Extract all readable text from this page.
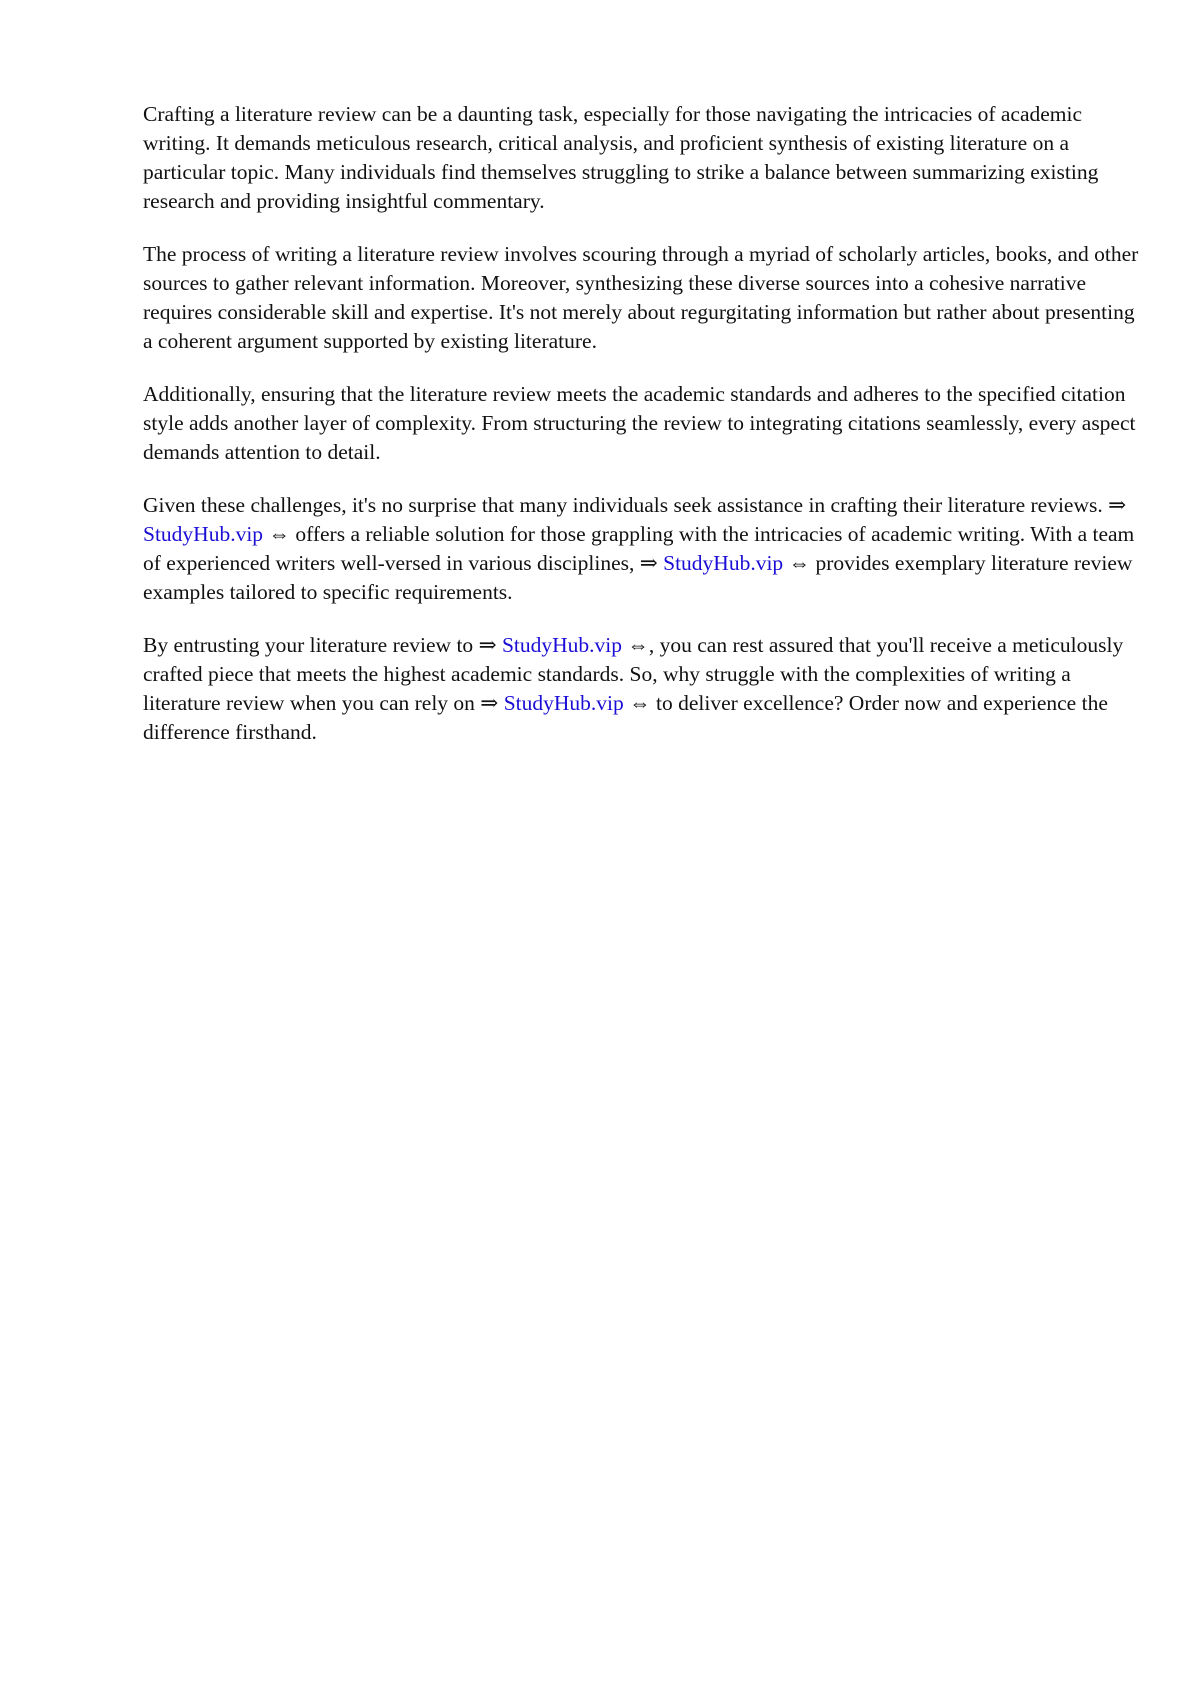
Crafting a literature review can be a daunting task, especially for those navigating the intricacies of academic writing. It demands meticulous research, critical analysis, and proficient synthesis of existing literature on a particular topic. Many individuals find themselves struggling to strike a balance between summarizing existing research and providing insightful commentary.

The process of writing a literature review involves scouring through a myriad of scholarly articles, books, and other sources to gather relevant information. Moreover, synthesizing these diverse sources into a cohesive narrative requires considerable skill and expertise. It's not merely about regurgitating information but rather about presenting a coherent argument supported by existing literature.

Additionally, ensuring that the literature review meets the academic standards and adheres to the specified citation style adds another layer of complexity. From structuring the review to integrating citations seamlessly, every aspect demands attention to detail.

Given these challenges, it's no surprise that many individuals seek assistance in crafting their literature reviews. ⇒ StudyHub.vip ⇔ offers a reliable solution for those grappling with the intricacies of academic writing. With a team of experienced writers well-versed in various disciplines, ⇒ StudyHub.vip ⇔ provides exemplary literature review examples tailored to specific requirements.

By entrusting your literature review to ⇒ StudyHub.vip ⇔, you can rest assured that you'll receive a meticulously crafted piece that meets the highest academic standards. So, why struggle with the complexities of writing a literature review when you can rely on ⇒ StudyHub.vip ⇔ to deliver excellence? Order now and experience the difference firsthand.
